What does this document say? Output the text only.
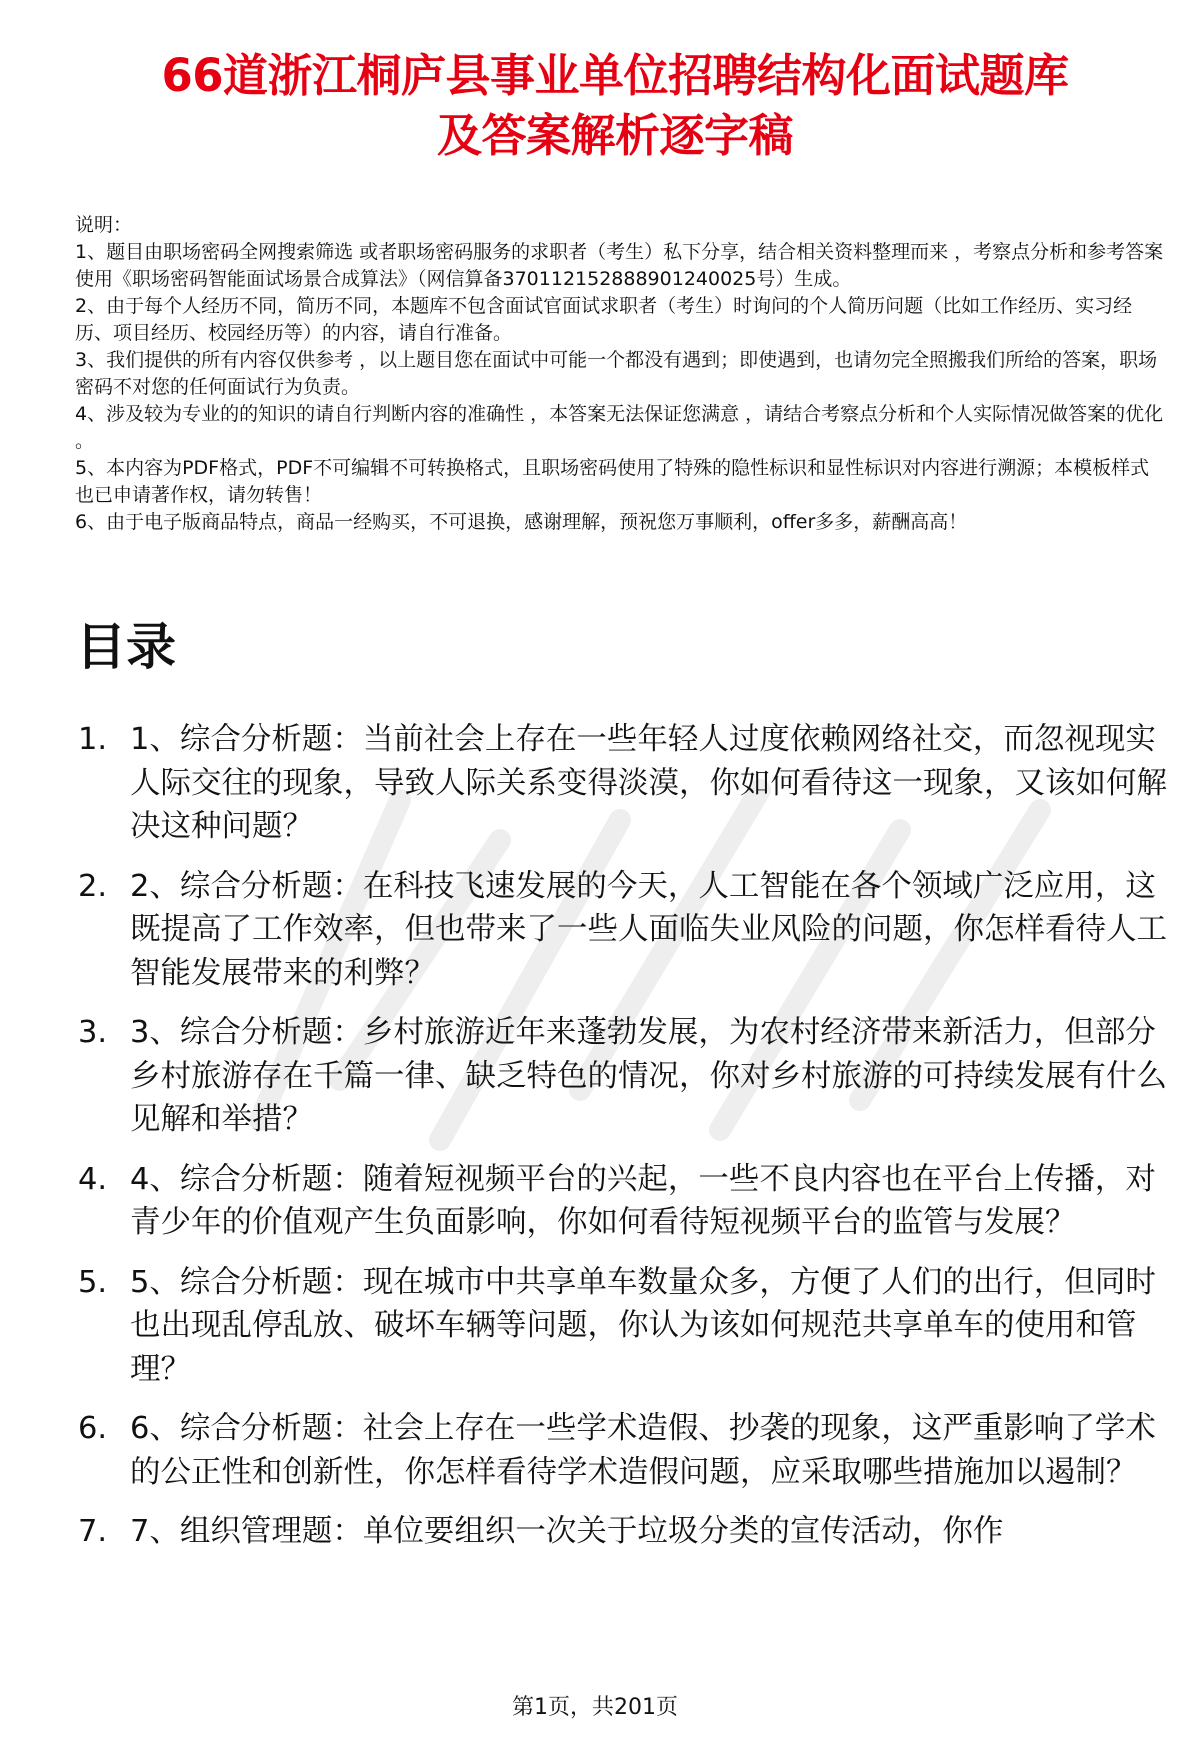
66道浙江桐庐县事业单位招聘结构化面试题库
及答案解析逐字稿
说明：
1、题目由职场密码全网搜索筛选 或者职场密码服务的求职者（考生）私下分享，结合相关资料整理而来 ，考察点分析和参考答案使用《职场密码智能面试场景合成算法》（网信算备370112152888901240025号）生成。
2、由于每个人经历不同，简历不同，本题库不包含面试官面试求职者（考生）时询问的个人简历问题（比如工作经历、实习经历、项目经历、校园经历等）的内容，请自行准备。
3、我们提供的所有内容仅供参考 ，以上题目您在面试中可能一个都没有遇到；即使遇到，也请勿完全照搬我们所给的答案，职场密码不对您的任何面试行为负责。
4、涉及较为专业的的知识的请自行判断内容的准确性 ，本答案无法保证您满意 ，请结合考察点分析和个人实际情况做答案的优化 。
5、本内容为PDF格式，PDF不可编辑不可转换格式，且职场密码使用了特殊的隐性标识和显性标识对内容进行溯源；本模板样式也已申请著作权，请勿转售！
6、由于电子版商品特点，商品一经购买，不可退换，感谢理解，预祝您万事顺利，offer多多，薪酬高高！
目录
1. 1、综合分析题：当前社会上存在一些年轻人过度依赖网络社交，而忽视现实人际交往的现象，导致人际关系变得淡漠，你如何看待这一现象，又该如何解决这种问题？
2. 2、综合分析题：在科技飞速发展的今天，人工智能在各个领域广泛应用，这既提高了工作效率，但也带来了一些人面临失业风险的问题，你怎样看待人工智能发展带来的利弊？
3. 3、综合分析题：乡村旅游近年来蓬勃发展，为农村经济带来新活力，但部分乡村旅游存在千篇一律、缺乏特色的情况，你对乡村旅游的可持续发展有什么见解和举措？
4. 4、综合分析题：随着短视频平台的兴起，一些不良内容也在平台上传播，对青少年的价值观产生负面影响，你如何看待短视频平台的监管与发展？
5. 5、综合分析题：现在城市中共享单车数量众多，方便了人们的出行，但同时也出现乱停乱放、破坏车辆等问题，你认为该如何规范共享单车的使用和管理？
6. 6、综合分析题：社会上存在一些学术造假、抄袭的现象，这严重影响了学术的公正性和创新性，你怎样看待学术造假问题，应采取哪些措施加以遏制？
7. 7、组织管理题：单位要组织一次关于垃圾分类的宣传活动，你作
第1页，共201页
